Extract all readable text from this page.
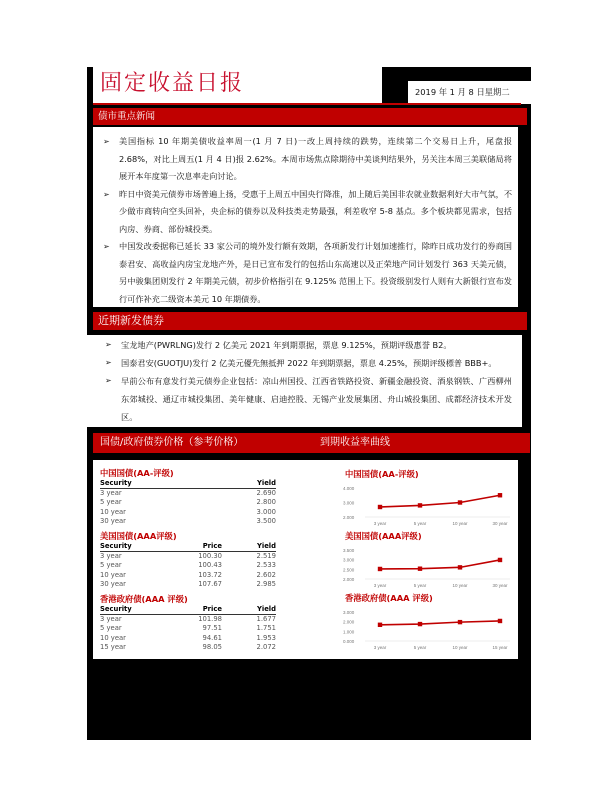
固定收益日报	2019 年 1 月 8 日星期二
债市重点新闻
➢ 美国指标 10 年期美债收益率周一(1 月 7 日)一改上周持续的跌势，连续第二个交易日上升，尾盘报 2.68%，对比上周五(1 月 4 日)报 2.62%。本周市场焦点除期待中美谈判结果外，另关注本周三美联储局将展开本年度第一次息率走向讨论。
➢ 昨日中资美元债券市场普遍上扬，受惠于上周五中国央行降准，加上随后美国非农就业数据利好大市气氛，不少做市商转向空头回补，央企标的债券以及科技类走势最强，利差收窄 5-8 基点。多个板块都见需求，包括内房、券商、部份城投类。
➢ 中国发改委据称已延长 33 家公司的境外发行额有效期，各项新发行计划加速推行，除昨日成功发行的券商国泰君安、高收益内房宝龙地产外，是日已宣布发行的包括山东高速以及正荣地产同计划发行 363 天美元债，另中骏集团则发行 2 年期美元债，初步价格指引在 9.125% 范围上下。投资级别发行人则有大新银行宣布发行可作补充二级资本美元 10 年期债券。
近期新发债券
➢ 宝龙地产(PWRLNG)发行 2 亿美元 2021 年到期票据，票息 9.125%，预期评级惠誉 B2。
➢ 国泰君安(GUOTJU)发行 2 亿美元優先無抵押 2022 年到期票据，票息 4.25%，预期评级標普 BBB+。
➢ 早前公布有意发行美元债券企业包括：凉山州国投、江西省铁路投资、新疆金融投资、酒泉钢铁、广西柳州东郊城投、通辽市城投集团、美年健康、启迪控股、无锡产业发展集团、舟山城投集团、成都经济技术开发区。
国债/政府债券价格（参考价格）	到期收益率曲线
中国国债(AA-评级)
Security	Yield
3 year	2.690
5 year	2.800
10 year	3.000
30 year	3.500
美国国债(AAA评级)
Security	Price	Yield
3 year	100.30	2.519
5 year	100.43	2.533
10 year	103.72	2.602
30 year	107.67	2.985
香港政府债(AAA 评级)
Security	Price	Yield
3 year	101.98	1.677
5 year	97.51	1.751
10 year	94.61	1.953
15 year	98.05	2.072
中国国债(AA-评级)
4.000
3.000
2.000
3 year	5 year	10 year	30 year
美国国债(AAA评级)
3.500
3.000
2.500
2.000
3 year	5 year	10 year	30 year
香港政府债(AAA 评级)
3.000
2.000
1.000
0.000
3 year	5 year	10 year	15 year
